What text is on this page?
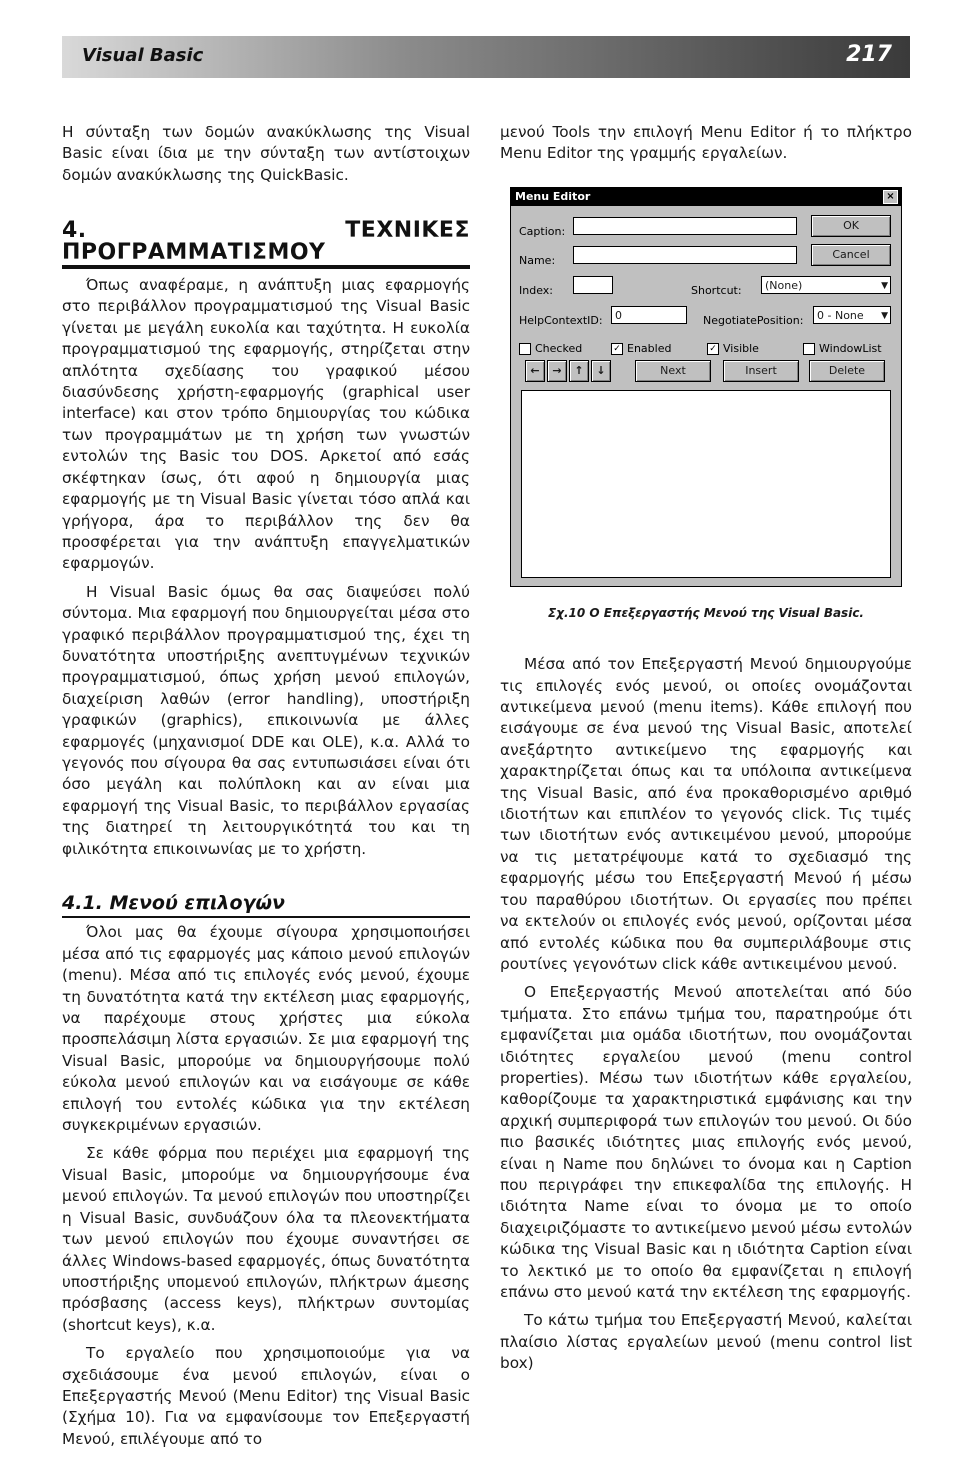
Visual Basic	217

Η σύνταξη των δομών ανακύκλωσης της Visual Basic είναι ίδια με την σύνταξη των αντίστοιχων δομών ανακύκλωσης της QuickBasic.

4. ΤΕΧΝΙΚΕΣ ΠΡΟΓΡΑΜΜΑΤΙΣΜΟΥ

Όπως αναφέραμε, η ανάπτυξη μιας εφαρμογής στο περιβάλλον προγραμματισμού της Visual Basic γίνεται με μεγάλη ευκολία και ταχύτητα. Η ευκολία προγραμματισμού της εφαρμογής, στηρίζεται στην απλότητα σχεδίασης του γραφικού μέσου διασύνδεσης χρήστη-εφαρμογής (graphical user interface) και στον τρόπο δημιουργίας του κώδικα των προγραμμάτων με τη χρήση των γνωστών εντολών της Basic του DOS. Αρκετοί από εσάς σκέφτηκαν ίσως, ότι αφού η δημιουργία μιας εφαρμογής με τη Visual Basic γίνεται τόσο απλά και γρήγορα, άρα το περιβάλλον της δεν θα προσφέρεται για την ανάπτυξη επαγγελματικών εφαρμογών.

Η Visual Basic όμως θα σας διαψεύσει πολύ σύντομα. Μια εφαρμογή που δημιουργείται μέσα στο γραφικό περιβάλλον προγραμματισμού της, έχει τη δυνατότητα υποστήριξης ανεπτυγμένων τεχνικών προγραμματισμού, όπως χρήση μενού επιλογών, διαχείριση λαθών (error handling), υποστήριξη γραφικών (graphics), επικοινωνία με άλλες εφαρμογές (μηχανισμοί DDE και OLE), κ.α. Αλλά το γεγονός που σίγουρα θα σας εντυπωσιάσει είναι ότι όσο μεγάλη και πολύπλοκη και αν είναι μια εφαρμογή της Visual Basic, το περιβάλλον εργασίας της διατηρεί τη λειτουργικότητά του και τη φιλικότητα επικοινωνίας με το χρήστη.

4.1. Μενού επιλογών

Όλοι μας θα έχουμε σίγουρα χρησιμοποιήσει μέσα από τις εφαρμογές μας κάποιο μενού επιλογών (menu). Μέσα από τις επιλογές ενός μενού, έχουμε τη δυνατότητα κατά την εκτέλεση μιας εφαρμογής, να παρέχουμε στους χρήστες μια εύκολα προσπελάσιμη λίστα εργασιών. Σε μια εφαρμογή της Visual Basic, μπορούμε να δημιουργήσουμε πολύ εύκολα μενού επιλογών και να εισάγουμε σε κάθε επιλογή του εντολές κώδικα για την εκτέλεση συγκεκριμένων εργασιών.

Σε κάθε φόρμα που περιέχει μια εφαρμογή της Visual Basic, μπορούμε να δημιουργήσουμε ένα μενού επιλογών. Τα μενού επιλογών που υποστηρίζει η Visual Basic, συνδυάζουν όλα τα πλεονεκτήματα των μενού επιλογών που έχουμε συναντήσει σε άλλες Windows-based εφαρμογές, όπως δυνατότητα υποστήριξης υπομενού επιλογών, πλήκτρων άμεσης πρόσβασης (access keys), πλήκτρων συντομίας (shortcut keys), κ.α.

Το εργαλείο που χρησιμοποιούμε για να σχεδιάσουμε ένα μενού επιλογών, είναι ο Επεξεργαστής Μενού (Menu Editor) της Visual Basic (Σχήμα 10). Για να εμφανίσουμε τον Επεξεργαστή Μενού, επιλέγουμε από το

μενού Tools την επιλογή Menu Editor ή το πλήκτρο Menu Editor της γραμμής εργαλείων.

Menu Editor	×
Caption:	OK
Name:	Cancel
Index:	Shortcut:	(None)	▼
HelpContextID:	0	NegotiatePosition:	0 - None ▼
Checked	✓ Enabled	✓ Visible	WindowList
←	→	↑	↓	Next	Insert	Delete
Σχ.10 Ο Επεξεργαστής Μενού της Visual Basic.

Μέσα από τον Επεξεργαστή Μενού δημιουργούμε τις επιλογές ενός μενού, οι οποίες ονομάζονται αντικείμενα μενού (menu items). Κάθε επιλογή που εισάγουμε σε ένα μενού της Visual Basic, αποτελεί ανεξάρτητο αντικείμενο της εφαρμογής και χαρακτηρίζεται όπως και τα υπόλοιπα αντικείμενα της Visual Basic, από ένα προκαθορισμένο αριθμό ιδιοτήτων και επιπλέον το γεγονός click. Τις τιμές των ιδιοτήτων ενός αντικειμένου μενού, μπορούμε να τις μετατρέψουμε κατά το σχεδιασμό της εφαρμογής μέσω του Επεξεργαστή Μενού ή μέσω του παραθύρου ιδιοτήτων. Οι εργασίες που πρέπει να εκτελούν οι επιλογές ενός μενού, ορίζονται μέσα από εντολές κώδικα που θα συμπεριλάβουμε στις ρουτίνες γεγονότων click κάθε αντικειμένου μενού.

Ο Επεξεργαστής Μενού αποτελείται από δύο τμήματα. Στο επάνω τμήμα του, παρατηρούμε ότι εμφανίζεται μια ομάδα ιδιοτήτων, που ονομάζονται ιδιότητες εργαλείου μενού (menu control properties). Μέσω των ιδιοτήτων κάθε εργαλείου, καθορίζουμε τα χαρακτηριστικά εμφάνισης και την αρχική συμπεριφορά των επιλογών του μενού. Οι δύο πιο βασικές ιδιότητες μιας επιλογής ενός μενού, είναι η Name που δηλώνει το όνομα και η Caption που περιγράφει την επικεφαλίδα της επιλογής. Η ιδιότητα Name είναι το όνομα με το οποίο διαχειριζόμαστε το αντικείμενο μενού μέσω εντολών κώδικα της Visual Basic και η ιδιότητα Caption είναι το λεκτικό με το οποίο θα εμφανίζεται η επιλογή επάνω στο μενού κατά την εκτέλεση της εφαρμογής.

Το κάτω τμήμα του Επεξεργαστή Μενού, καλείται πλαίσιο λίστας εργαλείων μενού (menu control list box)
